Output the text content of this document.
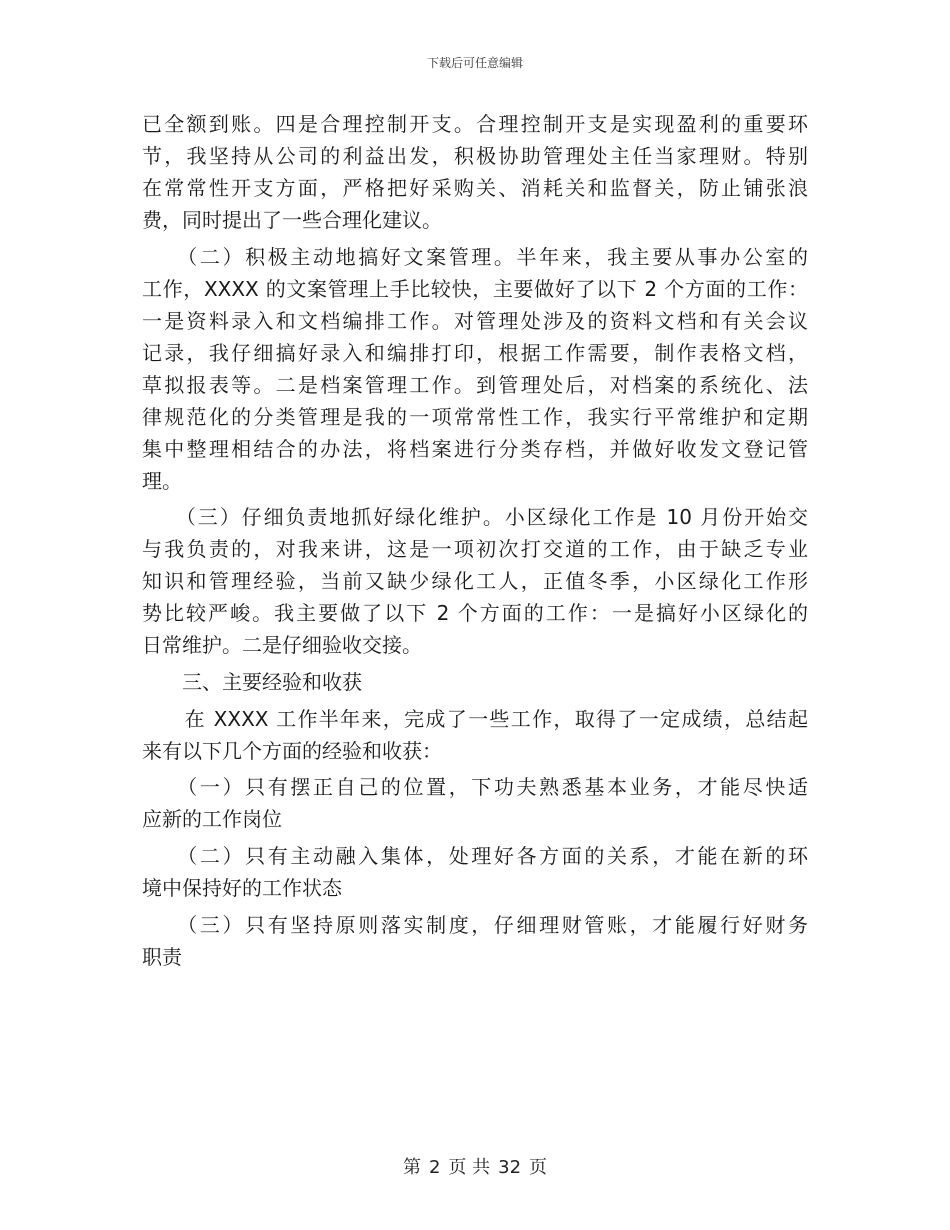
下载后可任意编辑
已全额到账。四是合理控制开支。合理控制开支是实现盈利的重要环
节，我坚持从公司的利益出发，积极协助管理处主任当家理财。特别
在常常性开支方面，严格把好采购关、消耗关和监督关，防止铺张浪
费，同时提出了一些合理化建议。
　　（二）积极主动地搞好文案管理。半年来，我主要从事办公室的
工作，XXXX 的文案管理上手比较快，主要做好了以下 2 个方面的工作：
一是资料录入和文档编排工作。对管理处涉及的资料文档和有关会议
记录，我仔细搞好录入和编排打印，根据工作需要，制作表格文档，
草拟报表等。二是档案管理工作。到管理处后，对档案的系统化、法
律规范化的分类管理是我的一项常常性工作，我实行平常维护和定期
集中整理相结合的办法，将档案进行分类存档，并做好收发文登记管
理。
　　（三）仔细负责地抓好绿化维护。小区绿化工作是 10 月份开始交
与我负责的，对我来讲，这是一项初次打交道的工作，由于缺乏专业
知识和管理经验，当前又缺少绿化工人，正值冬季，小区绿化工作形
势比较严峻。我主要做了以下 2 个方面的工作：一是搞好小区绿化的
日常维护。二是仔细验收交接。
　　三、主要经验和收获
　　在 XXXX 工作半年来，完成了一些工作，取得了一定成绩，总结起
来有以下几个方面的经验和收获：
　　（一）只有摆正自己的位置，下功夫熟悉基本业务，才能尽快适
应新的工作岗位
　　（二）只有主动融入集体，处理好各方面的关系，才能在新的环
境中保持好的工作状态
　　（三）只有坚持原则落实制度，仔细理财管账，才能履行好财务
职责
第 2 页 共 32 页
